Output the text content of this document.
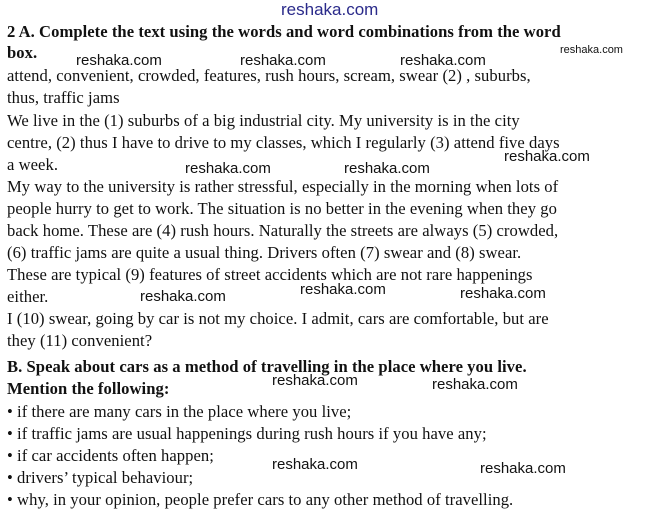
2 A. Complete the text using the words and word combinations from the word
box.
attend, convenient, crowded, features, rush hours, scream, swear (2) , suburbs,
thus, traffic jams
We live in the (1) suburbs of a big industrial city. My university is in the city
centre, (2) thus I have to drive to my classes, which I regularly (3) attend five days
a week.
My way to the university is rather stressful, especially in the morning when lots of
people hurry to get to work. The situation is no better in the evening when they go
back home. These are (4) rush hours. Naturally the streets are always (5) crowded,
(6) traffic jams are quite a usual thing. Drivers often (7) swear and (8) swear.
These are typical (9) features of street accidents which are not rare happenings
either.
I (10) swear, going by car is not my choice. I admit, cars are comfortable, but are
they (11) convenient?
B. Speak about cars as a method of travelling in the place where you live.
Mention the following:
• if there are many cars in the place where you live;
• if traffic jams are usual happenings during rush hours if you have any;
• if car accidents often happen;
• drivers’ typical behaviour;
• why, in your opinion, people prefer cars to any other method of travelling.
reshaka.com
reshaka.com
reshaka.com	reshaka.com	reshaka.com
reshaka.com
reshaka.com	reshaka.com
reshaka.com	reshaka.com
reshaka.com
reshaka.com	reshaka.com
reshaka.com	reshaka.com
